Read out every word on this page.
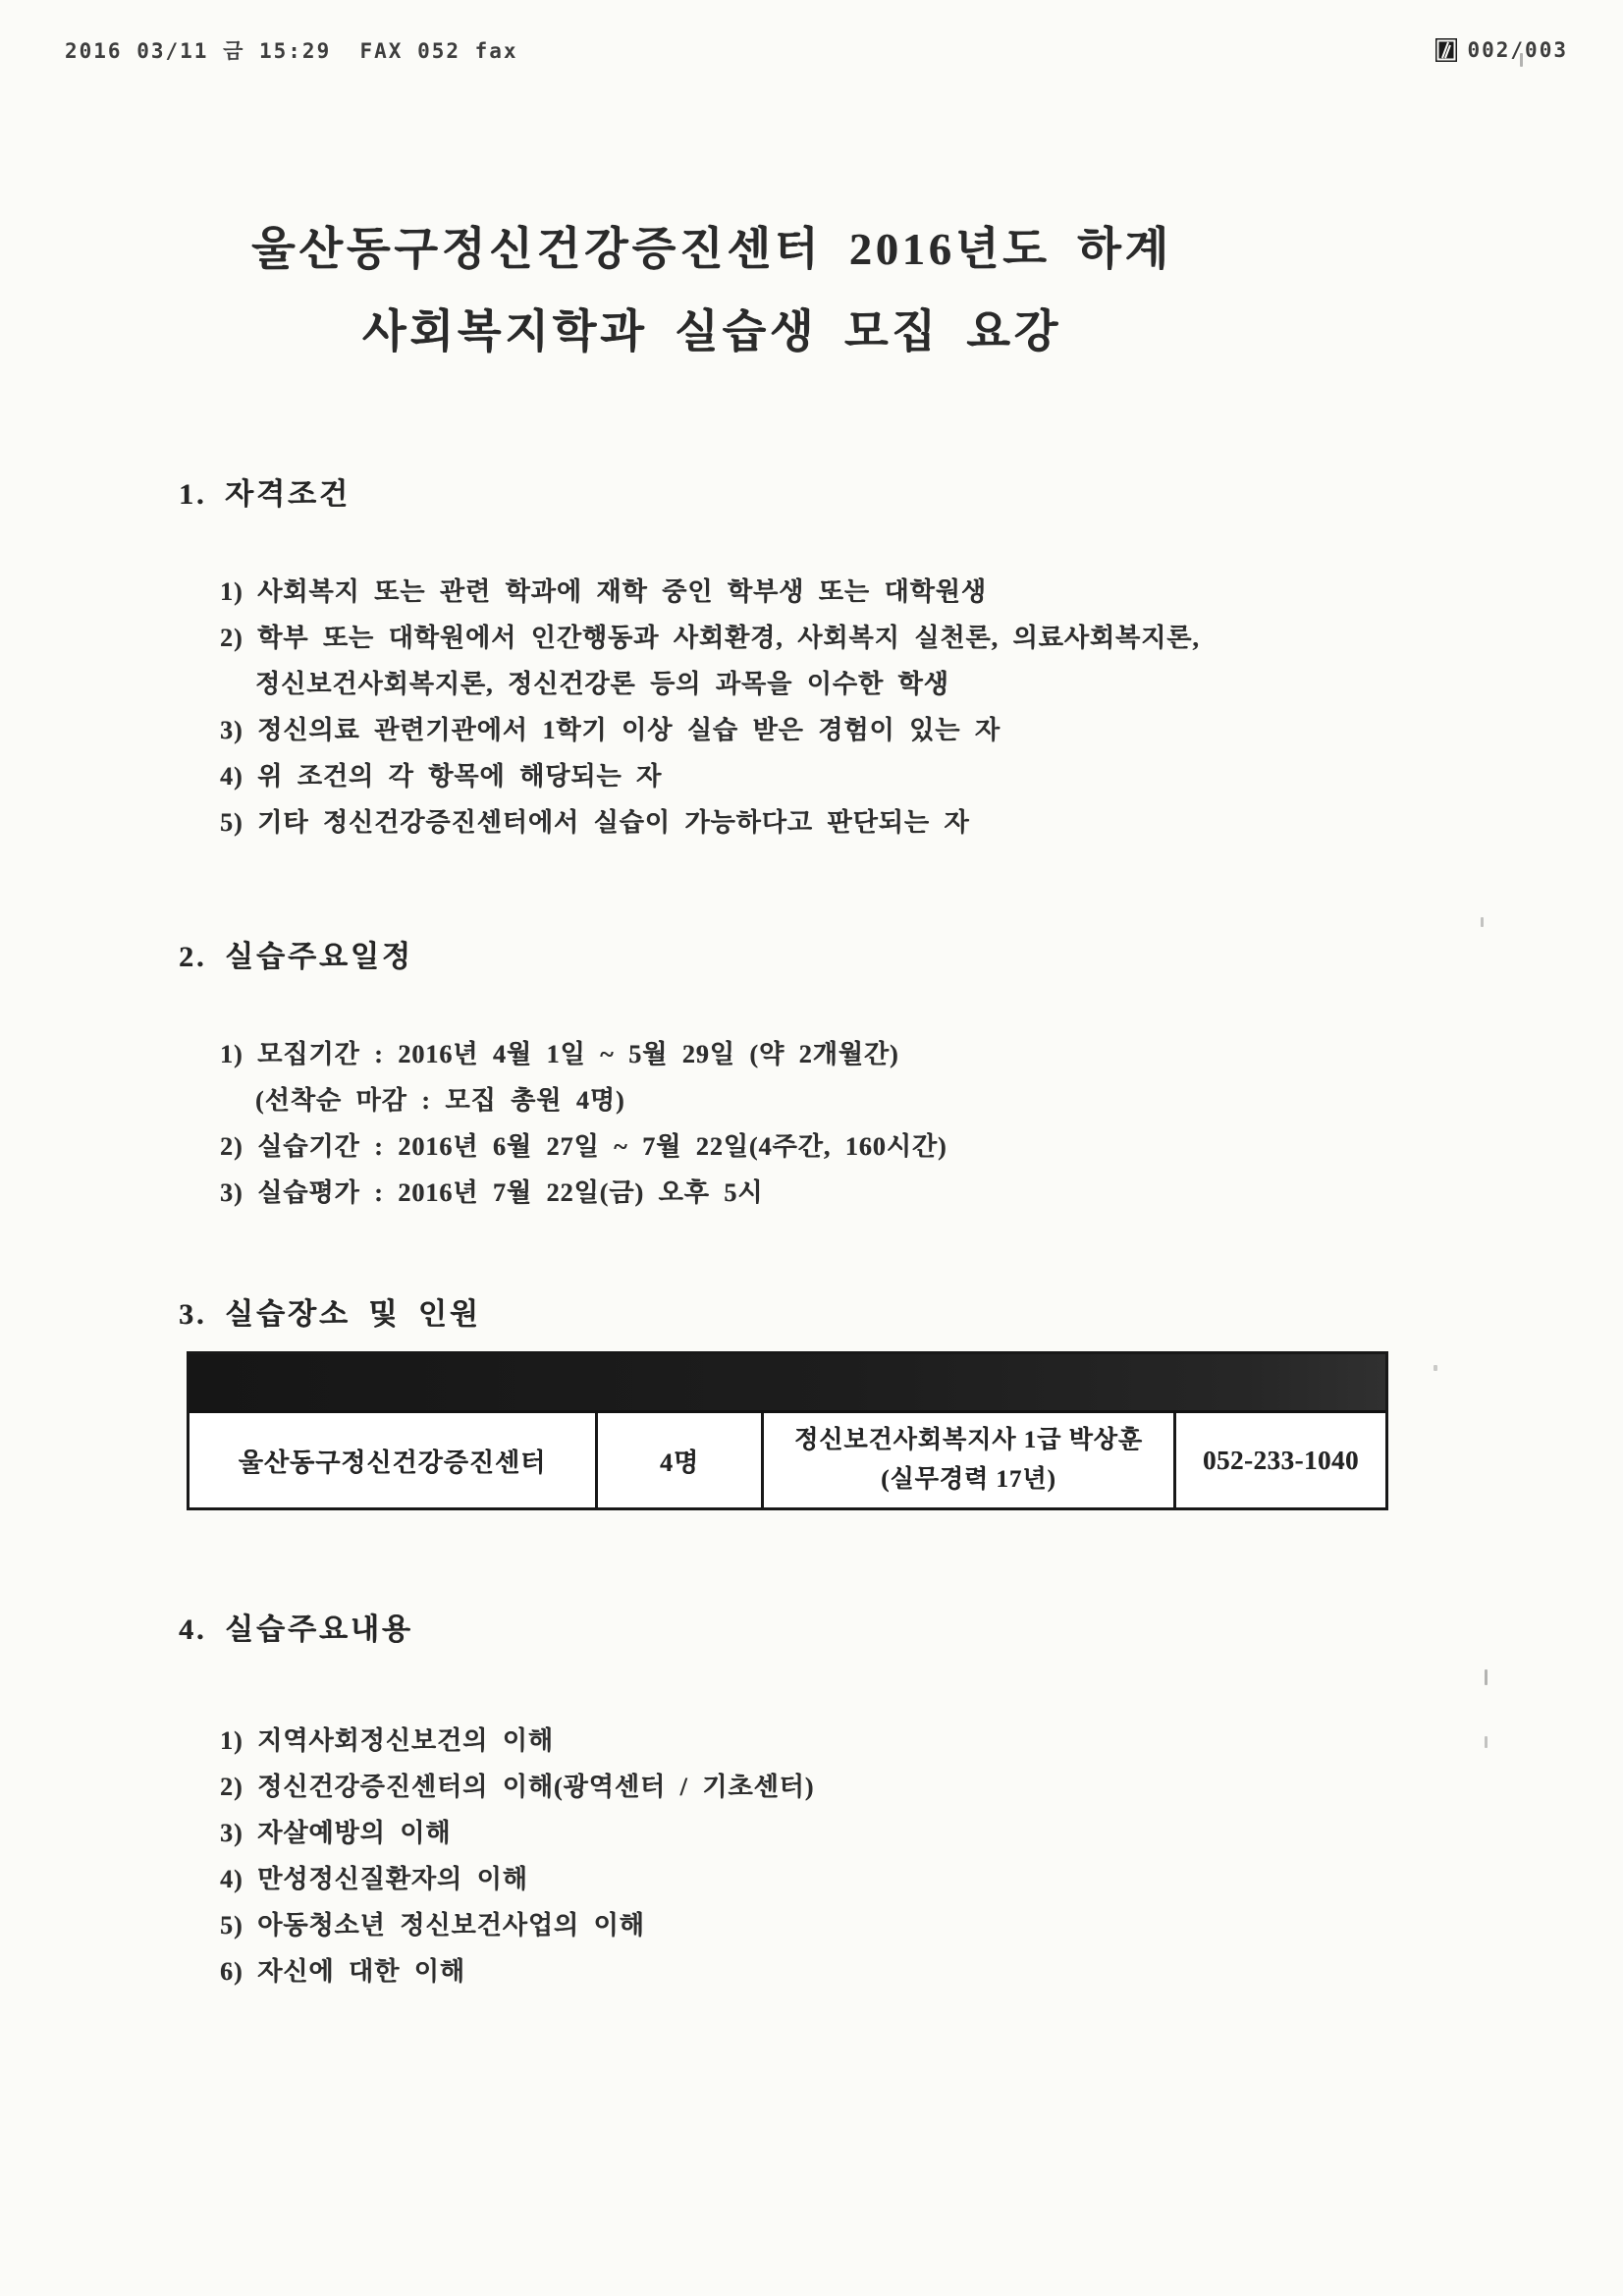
2016 03/11 금 15:29  FAX 052 fax	002/003
울산동구정신건강증진센터 2016년도 하계
사회복지학과 실습생 모집 요강
1. 자격조건
1) 사회복지 또는 관련 학과에 재학 중인 학부생 또는 대학원생
2) 학부 또는 대학원에서 인간행동과 사회환경, 사회복지 실천론, 의료사회복지론,
정신보건사회복지론, 정신건강론 등의 과목을 이수한 학생
3) 정신의료 관련기관에서 1학기 이상 실습 받은 경험이 있는 자
4) 위 조건의 각 항목에 해당되는 자
5) 기타 정신건강증진센터에서 실습이 가능하다고 판단되는 자
2. 실습주요일정
1) 모집기간 : 2016년 4월 1일 ~ 5월 29일 (약 2개월간)
(선착순 마감 : 모집 총원 4명)
2) 실습기간 : 2016년 6월 27일 ~ 7월 22일(4주간, 160시간)
3) 실습평가 : 2016년 7월 22일(금) 오후 5시
3. 실습장소 및 인원
울산동구정신건강증진센터	4명
정신보건사회복지사 1급 박상훈
(실무경력 17년)
052-233-1040
4. 실습주요내용
1) 지역사회정신보건의 이해
2) 정신건강증진센터의 이해(광역센터 / 기초센터)
3) 자살예방의 이해
4) 만성정신질환자의 이해
5) 아동청소년 정신보건사업의 이해
6) 자신에 대한 이해
